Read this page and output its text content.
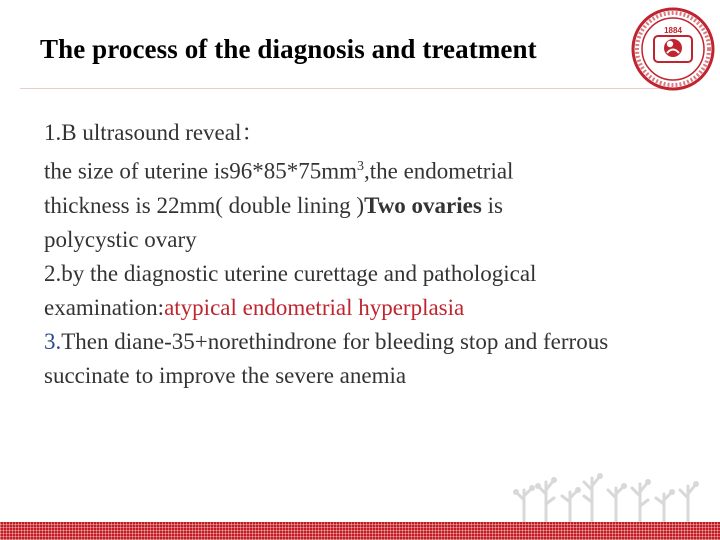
The process of the diagnosis and treatment
1884

1.B ultrasound reveal：
the size of uterine $is96*85*75mm^3,the$ endometrial
thickness is 22mm( double lining )Two ovaries is
polycystic ovary

2.by the diagnostic uterine curettage and pathological examination:atypical endometrial hyperplasia

3.Then diane-35+norethindrone for bleeding stop and ferrous succinate to improve the severe anemia
